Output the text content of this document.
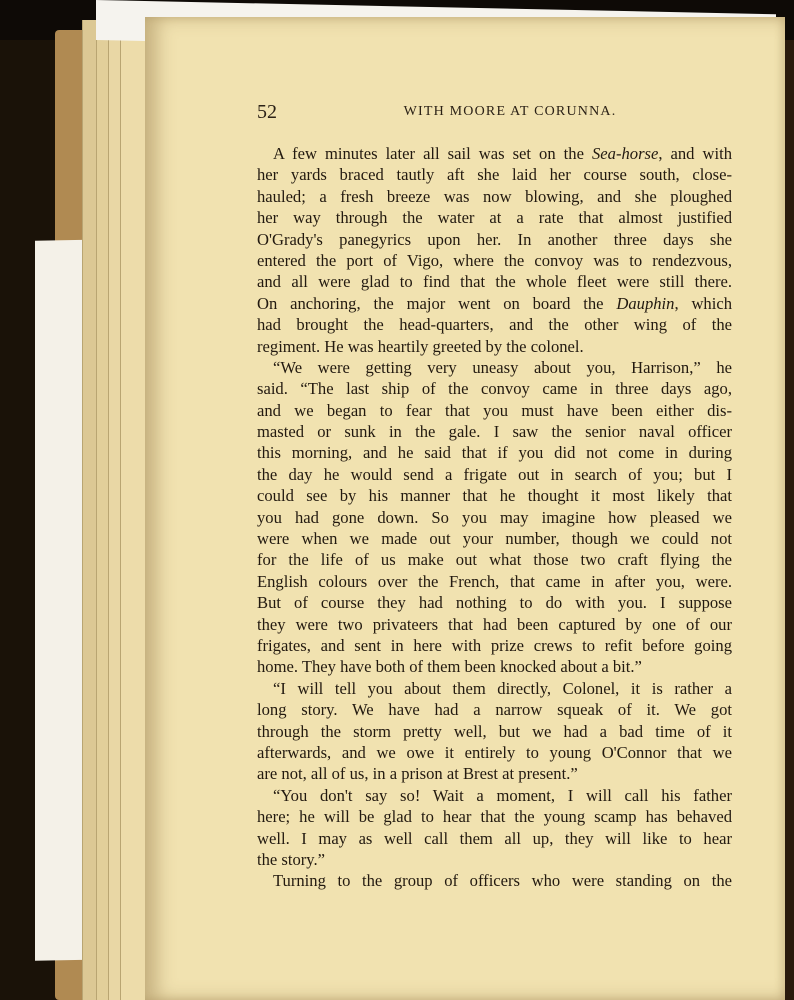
52	WITH MOORE AT CORUNNA.
A few minutes later all sail was set on the Sea-horse, and with
her yards braced tautly aft she laid her course south, close-
hauled; a fresh breeze was now blowing, and she ploughed
her way through the water at a rate that almost justified
O'Grady's panegyrics upon her. In another three days she
entered the port of Vigo, where the convoy was to rendezvous,
and all were glad to find that the whole fleet were still there.
On anchoring, the major went on board the Dauphin, which
had brought the head-quarters, and the other wing of the
regiment. He was heartily greeted by the colonel.
“We were getting very uneasy about you, Harrison,” he
said. “The last ship of the convoy came in three days ago,
and we began to fear that you must have been either dis-
masted or sunk in the gale. I saw the senior naval officer
this morning, and he said that if you did not come in during
the day he would send a frigate out in search of you; but I
could see by his manner that he thought it most likely that
you had gone down. So you may imagine how pleased we
were when we made out your number, though we could not
for the life of us make out what those two craft flying the
English colours over the French, that came in after you, were.
But of course they had nothing to do with you. I suppose
they were two privateers that had been captured by one of our
frigates, and sent in here with prize crews to refit before going
home. They have both of them been knocked about a bit.”
“I will tell you about them directly, Colonel, it is rather a
long story. We have had a narrow squeak of it. We got
through the storm pretty well, but we had a bad time of it
afterwards, and we owe it entirely to young O'Connor that we
are not, all of us, in a prison at Brest at present.”
“You don't say so! Wait a moment, I will call his father
here; he will be glad to hear that the young scamp has behaved
well. I may as well call them all up, they will like to hear
the story.”
Turning to the group of officers who were standing on the
